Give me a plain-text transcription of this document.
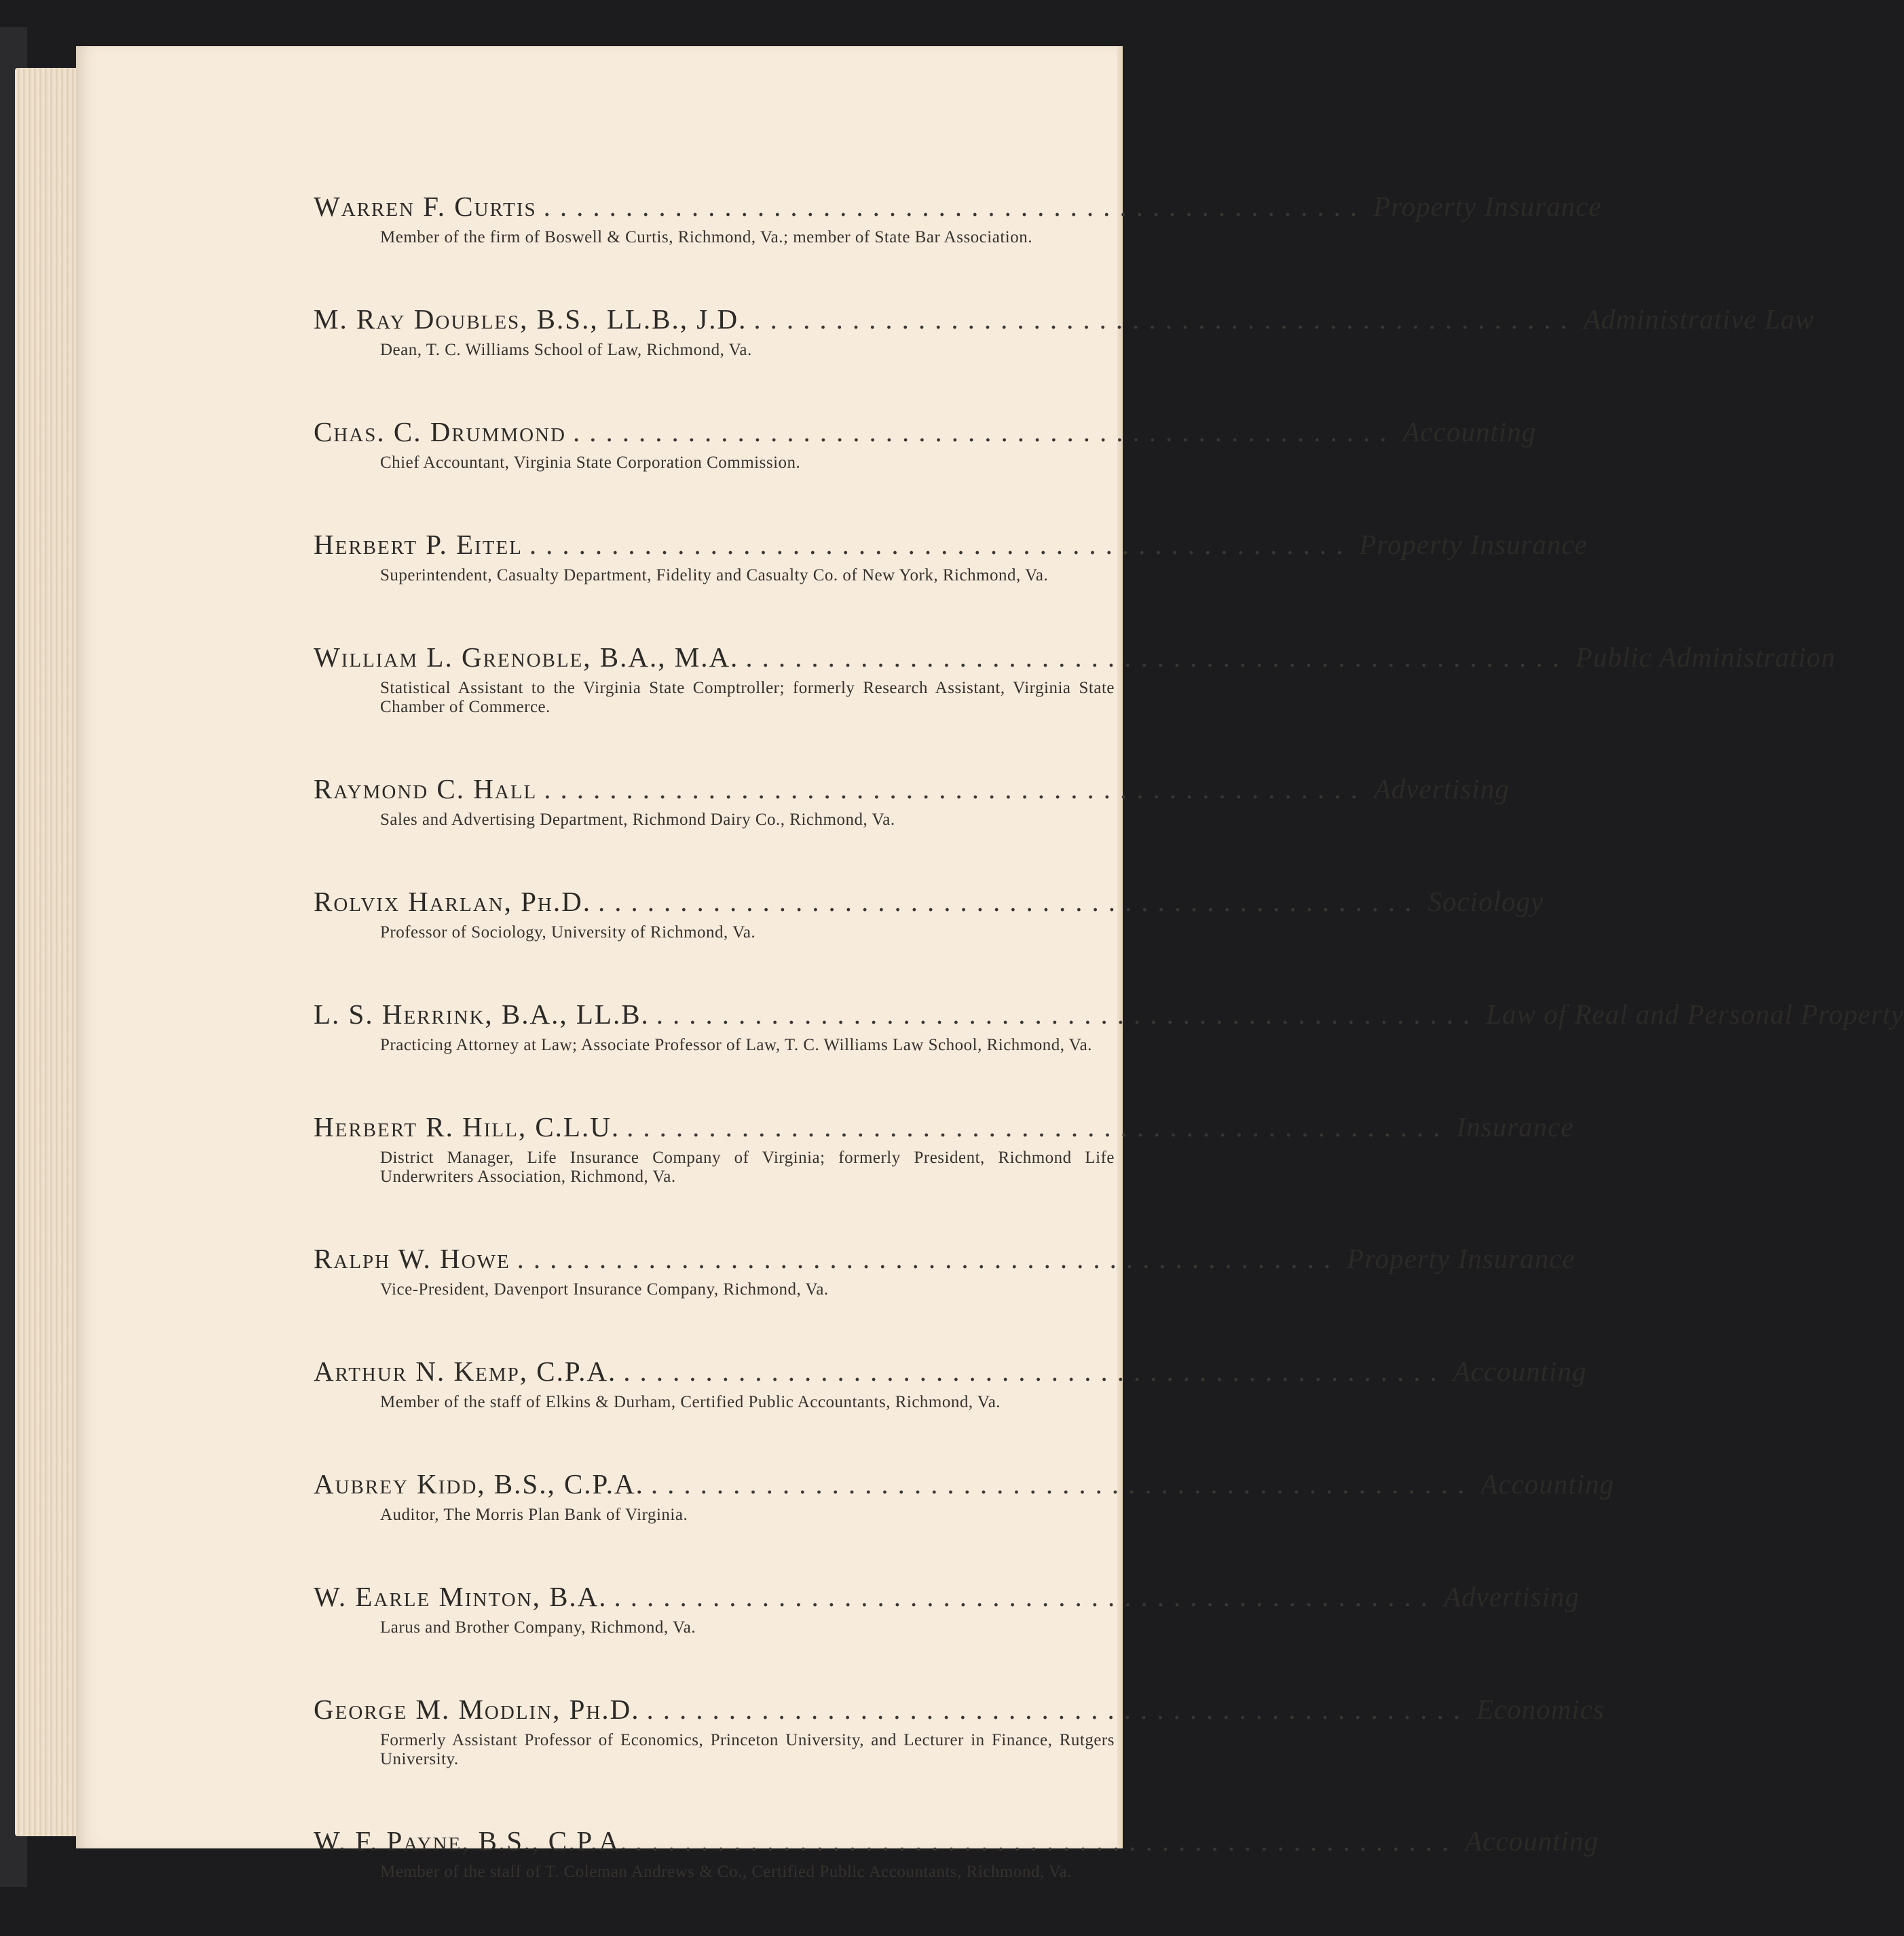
Warren F. Curtis .................................................. Property Insurance
Member of the firm of Boswell & Curtis, Richmond, Va.; member of State Bar Association.
M. Ray Doubles, B.S., LL.B., J.D. .................................................. Administrative Law
Dean, T. C. Williams School of Law, Richmond, Va.
Chas. C. Drummond .................................................. Accounting
Chief Accountant, Virginia State Corporation Commission.
Herbert P. Eitel .................................................. Property Insurance
Superintendent, Casualty Department, Fidelity and Casualty Co. of New York, Richmond, Va.
William L. Grenoble, B.A., M.A. .................................................. Public Administration
Statistical Assistant to the Virginia State Comptroller; formerly Research Assistant, Virginia State Chamber of Commerce.
Raymond C. Hall .................................................. Advertising
Sales and Advertising Department, Richmond Dairy Co., Richmond, Va.
Rolvix Harlan, Ph.D. .................................................. Sociology
Professor of Sociology, University of Richmond, Va.
L. S. Herrink, B.A., LL.B. .................................................. Law of Real and Personal Property
Practicing Attorney at Law; Associate Professor of Law, T. C. Williams Law School, Richmond, Va.
Herbert R. Hill, C.L.U. .................................................. Insurance
District Manager, Life Insurance Company of Virginia; formerly President, Richmond Life Underwriters Association, Richmond, Va.
Ralph W. Howe .................................................. Property Insurance
Vice-President, Davenport Insurance Company, Richmond, Va.
Arthur N. Kemp, C.P.A. .................................................. Accounting
Member of the staff of Elkins & Durham, Certified Public Accountants, Richmond, Va.
Aubrey Kidd, B.S., C.P.A. .................................................. Accounting
Auditor, The Morris Plan Bank of Virginia.
W. Earle Minton, B.A. .................................................. Advertising
Larus and Brother Company, Richmond, Va.
George M. Modlin, Ph.D. .................................................. Economics
Formerly Assistant Professor of Economics, Princeton University, and Lecturer in Finance, Rutgers University.
W. F. Payne, B.S., C.P.A. .................................................. Accounting
Member of the staff of T. Coleman Andrews & Co., Certified Public Accountants, Richmond, Va.
